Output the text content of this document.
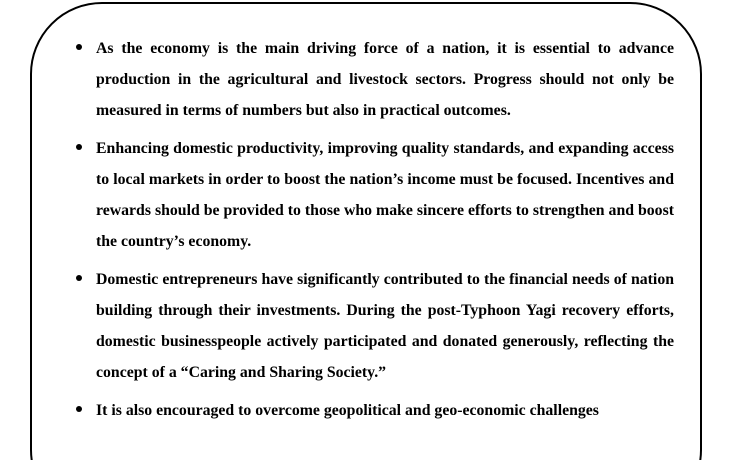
As the economy is the main driving force of a nation, it is essential to advance production in the agricultural and livestock sectors. Progress should not only be measured in terms of numbers but also in practical outcomes.
Enhancing domestic productivity, improving quality standards, and expanding access to local markets in order to boost the nation’s income must be focused. Incentives and rewards should be provided to those who make sincere efforts to strengthen and boost the country’s economy.
Domestic entrepreneurs have significantly contributed to the financial needs of nation building through their investments. During the post-Typhoon Yagi recovery efforts, domestic businesspeople actively participated and donated generously, reflecting the concept of a “Caring and Sharing Society.”
It is also encouraged to overcome geopolitical and geo-economic challenges
